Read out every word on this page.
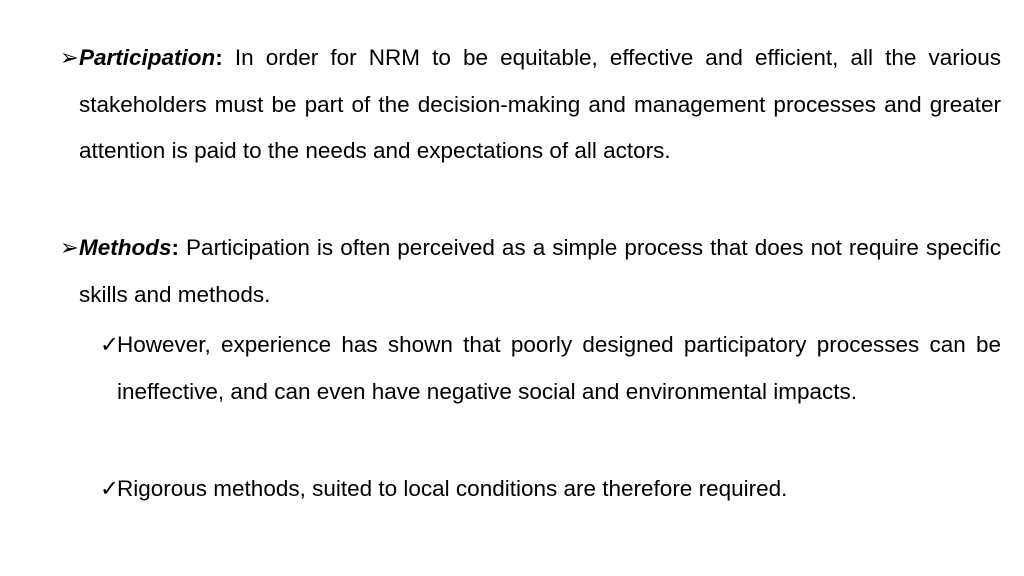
➢ Participation: In order for NRM to be equitable, effective and efficient, all the various stakeholders must be part of the decision-making and management processes and greater attention is paid to the needs and expectations of all actors.
➢ Methods: Participation is often perceived as a simple process that does not require specific skills and methods.
✓
However, experience has shown that poorly designed participatory processes can be ineffective, and can even have negative social and environmental impacts.
✓
Rigorous methods, suited to local conditions are therefore required.
